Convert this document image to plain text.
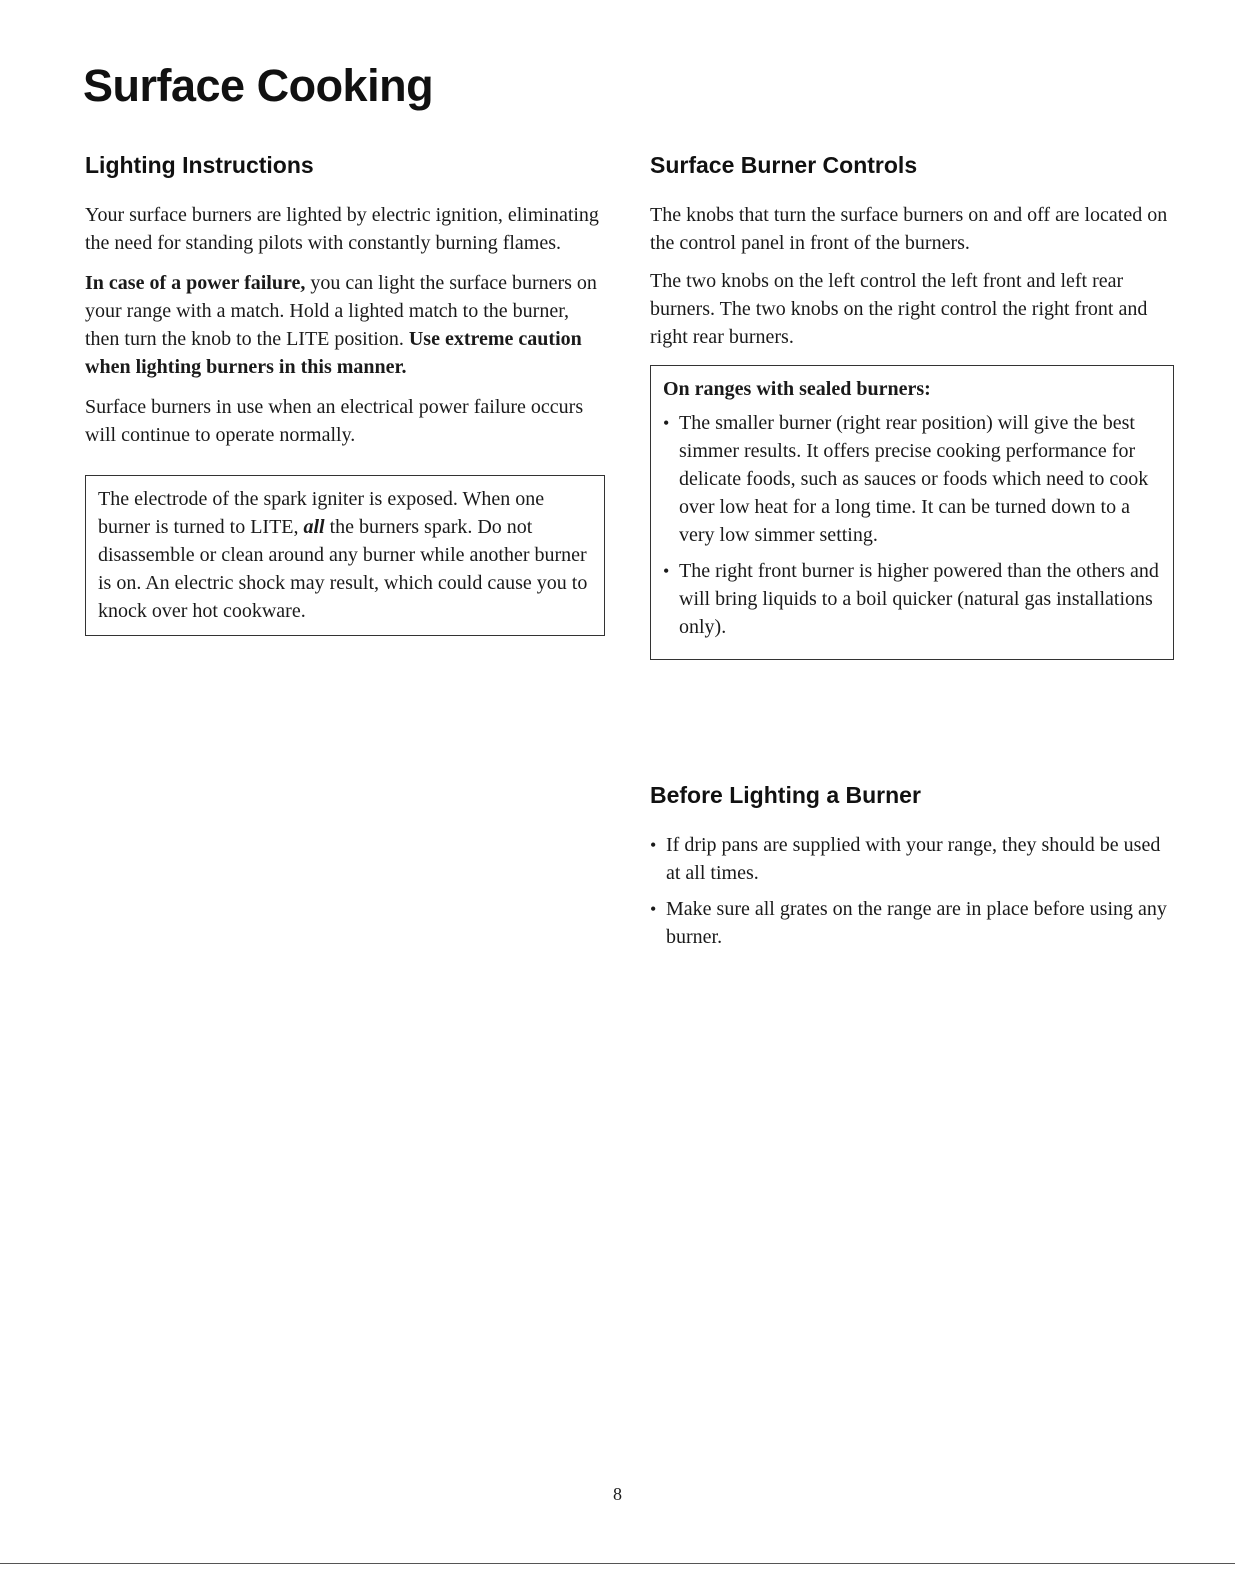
Surface Cooking
Lighting Instructions

Your surface burners are lighted by electric ignition, eliminating the need for standing pilots with constantly burning flames.

In case of a power failure, you can light the surface burners on your range with a match. Hold a lighted match to the burner, then turn the knob to the LITE position. Use extreme caution when lighting burners in this manner.

Surface burners in use when an electrical power failure occurs will continue to operate normally.

The electrode of the spark igniter is exposed. When one burner is turned to LITE, all the burners spark. Do not disassemble or clean around any burner while another burner is on. An electric shock may result, which could cause you to knock over hot cookware.

Surface Burner Controls

The knobs that turn the surface burners on and off are located on the control panel in front of the burners.

The two knobs on the left control the left front and left rear burners. The two knobs on the right control the right front and right rear burners.

On ranges with sealed burners:
• The smaller burner (right rear position) will give the best simmer results. It offers precise cooking performance for delicate foods, such as sauces or foods which need to cook over low heat for a long time. It can be turned down to a very low simmer setting.
• The right front burner is higher powered than the others and will bring liquids to a boil quicker (natural gas installations only).
Before Lighting a Burner
• If drip pans are supplied with your range, they should be used at all times.
• Make sure all grates on the range are in place before using any burner.
8
